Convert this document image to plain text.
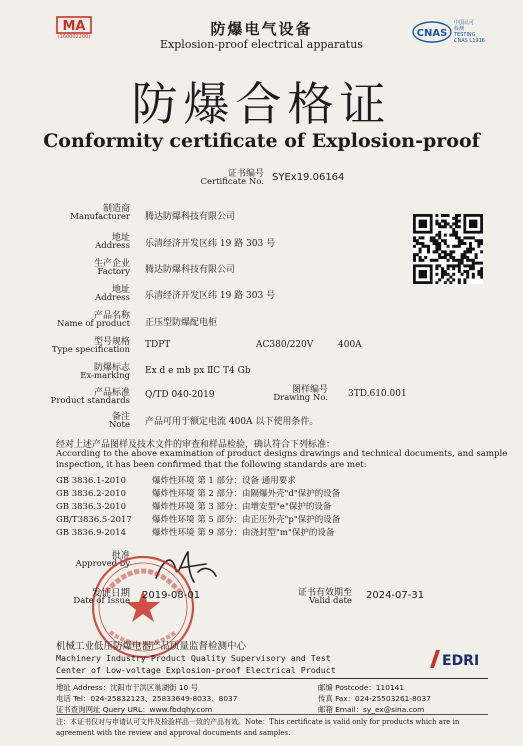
MA
(160002200)	防爆电气设备
Explosion-proof electrical apparatus
CNAS
中国认可
检测
TESTING
CNAS L1916
防爆合格证
Conformity certificate of Explosion-proof
证书编号
Certificate No. SYEx19.06164
制造商
Manufacturer 腾达防爆科技有限公司
地址
Address 乐清经济开发区纬 19 路 303 号
生产企业
Factory 腾达防爆科技有限公司
地址
Address 乐清经济开发区纬 19 路 303 号
产品名称
Name of product 正压型防爆配电柜
型号规格
Type specification TDPT	AC380/220V	400A
防爆标志
Ex-marking Ex d e mb px ⅡC T4 Gb
产品标准
Product standards
Q/TD 040-2019	图样编号
Drawing No. 3TD.610.001
备注
Note 产品可用于额定电流 400A 以下使用条件。
经对上述产品图样及技术文件的审查和样品检验，确认符合下列标准：
According to the above examination of product designs drawings and technical documents, and sample
inspection, it has been confirmed that the following standards are met:
GB 3836.1-2010	爆炸性环境 第 1 部分：设备 通用要求
GB 3836.2-2010	爆炸性环境 第 2 部分：由隔爆外壳"d"保护的设备
GB 3836.3-2010	爆炸性环境 第 3 部分：由增安型"e"保护的设备
GB/T3836.5-2017 爆炸性环境 第 5 部分：由正压外壳"p"保护的设备
GB 3836.9-2014	爆炸性环境 第 9 部分：由浇封型"m"保护的设备
批准
Approved by
发证日期
Date of Issue 2019-08-01	证书有效期至
Valid date 2024-07-31
机械工业低压防爆电器产品质量监督检测中心
Machinery Industry Product Quality Supervisory and Test
Center of Low-voltage Explosion-proof Electrical Product
EDRI
地址 Address：沈阳市于洪区巢湖街 10 号	邮编 Postcode：110141
电话 Tel：024-25832123、25833649-8033、8037	传真 Fax：024-25503261-8037
证书查询网址 Query URL：www.fbdqhy.com	邮箱 Email：sy_ex@sina.com
注：本证书仅对与申请认可文件及检验样品一致的产品有效。Note：This certificate is valid only for products which are in
agreement with the review and approval documents and samples.
